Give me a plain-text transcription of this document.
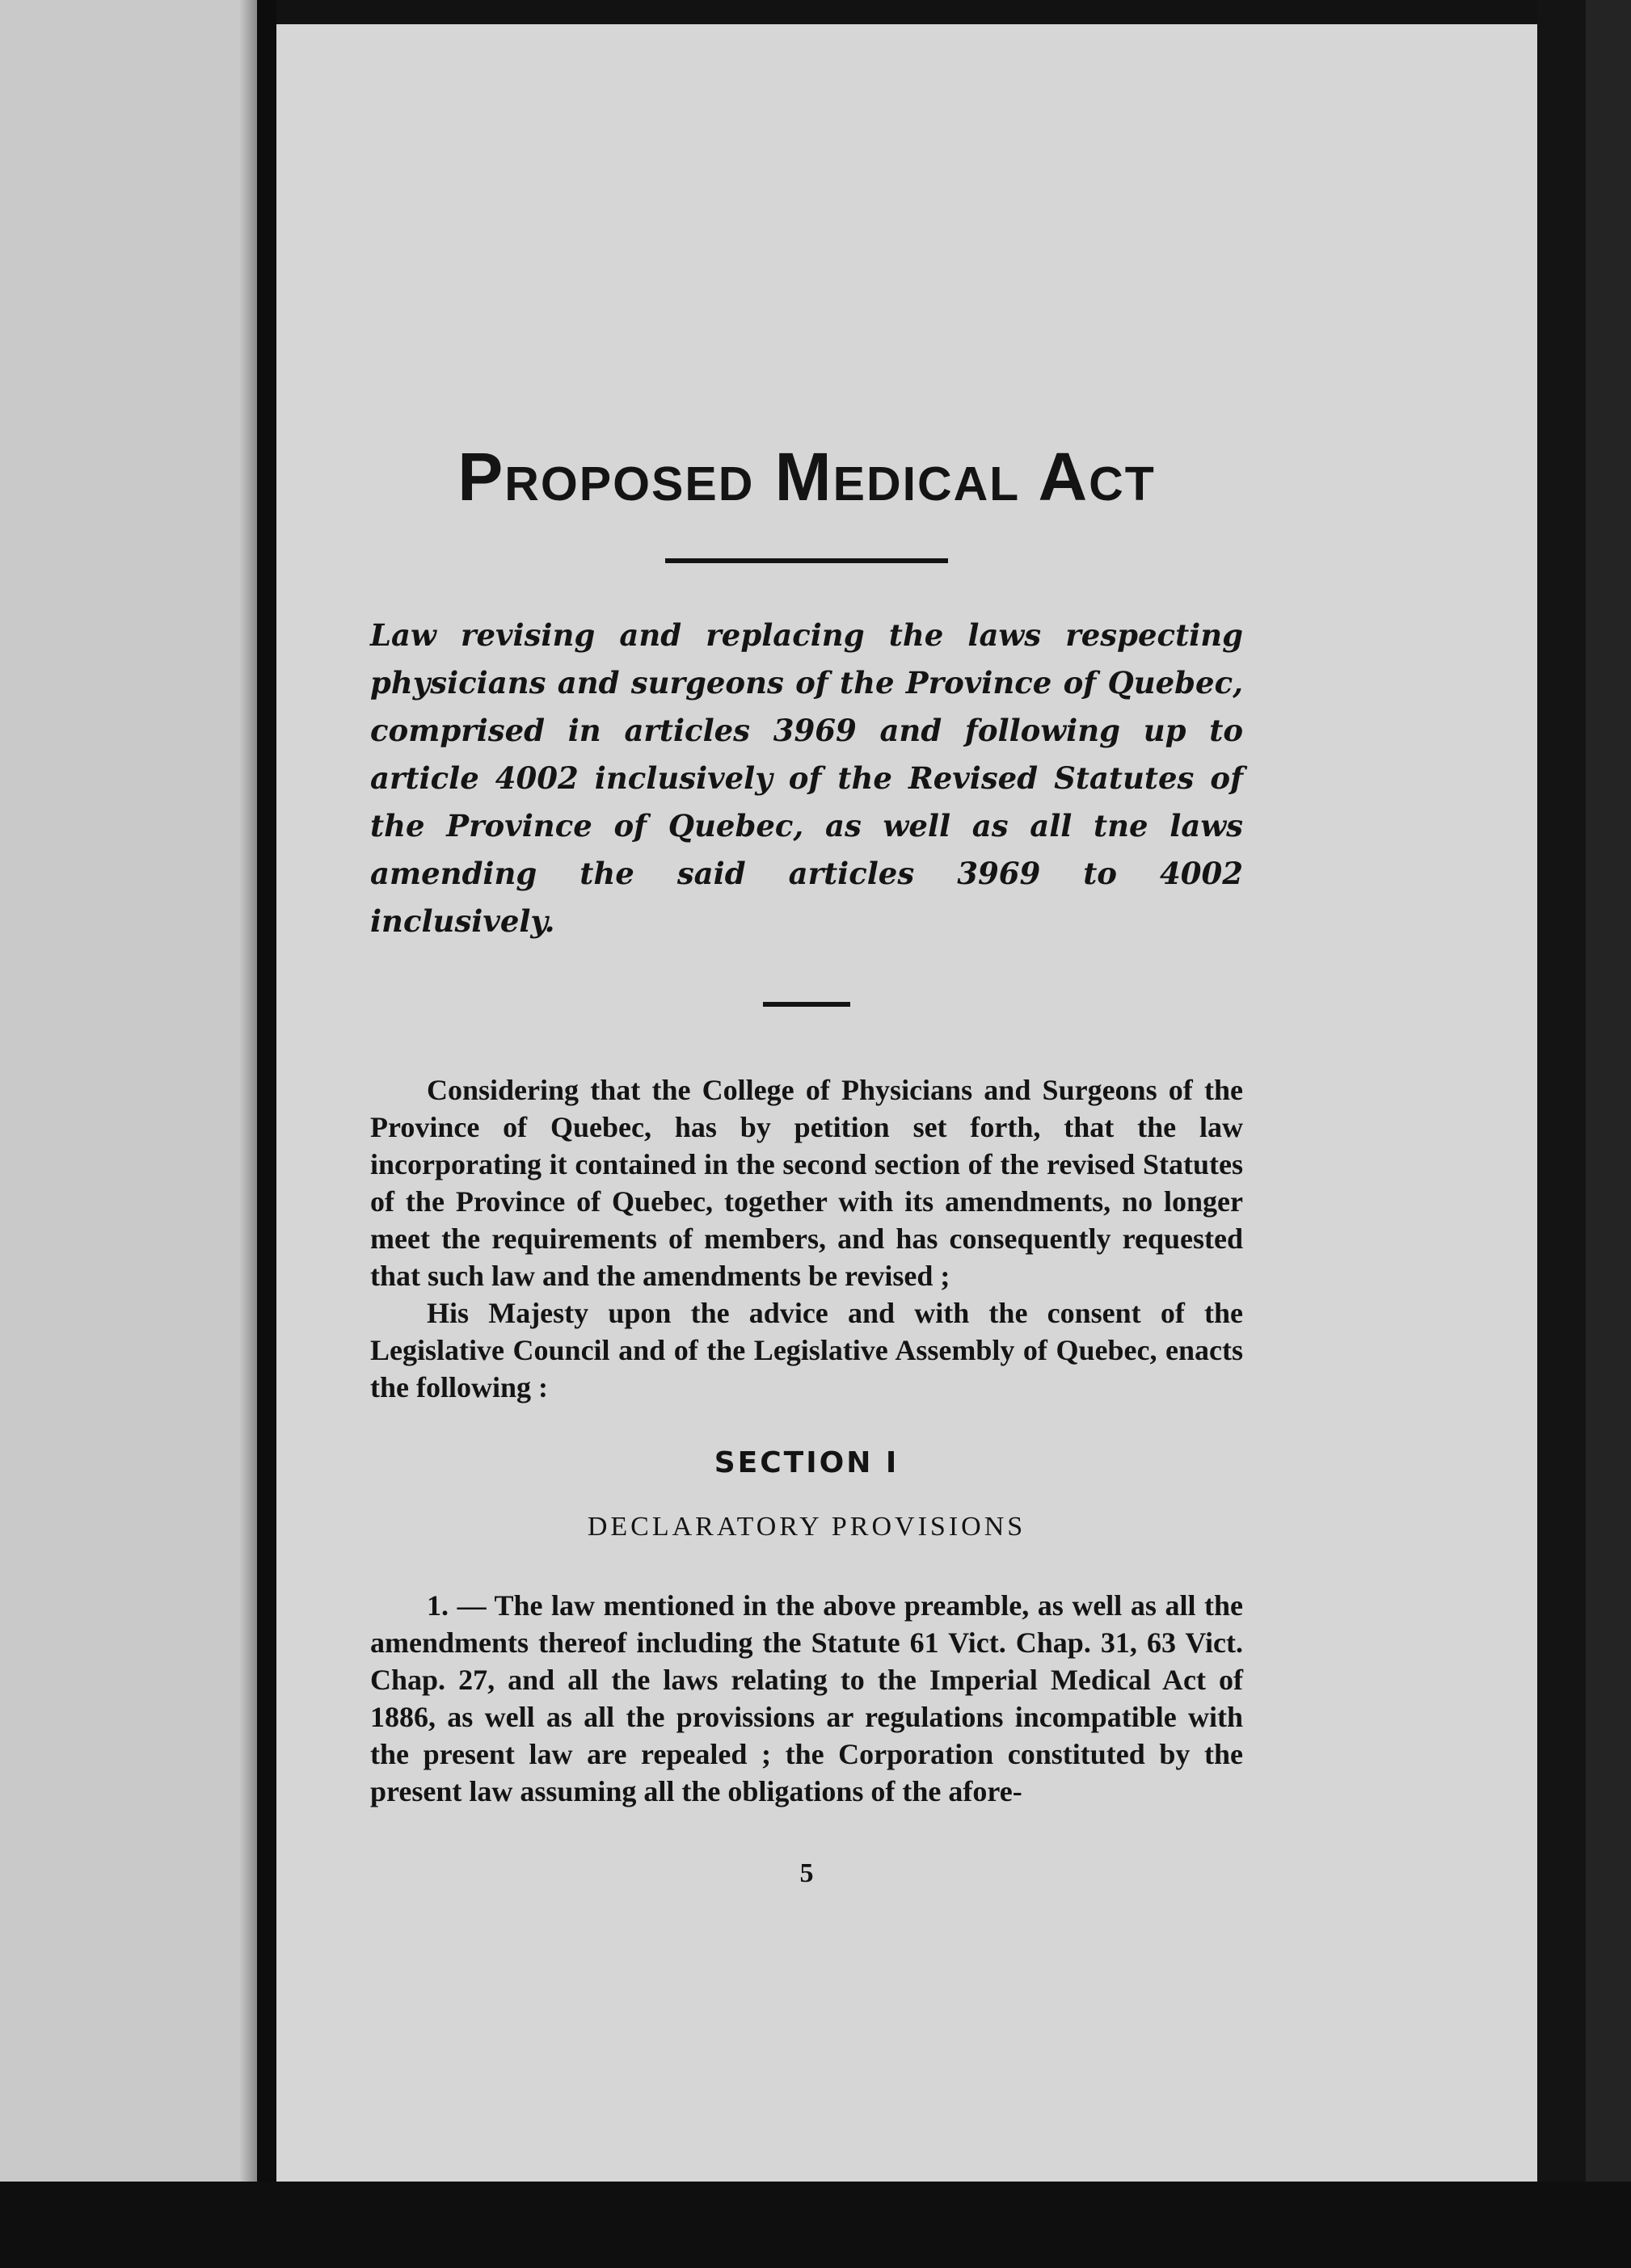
Proposed Medical Act

Law revising and replacing the laws respecting physicians and surgeons of the Province of Quebec, comprised in articles 3969 and following up to article 4002 inclusively of the Revised Statutes of the Province of Quebec, as well as all tne laws amending the said articles 3969 to 4002 inclusively.

Considering that the College of Physicians and Surgeons of the Province of Quebec, has by petition set forth, that the law incorporating it contained in the second section of the revised Statutes of the Province of Quebec, together with its amendments, no longer meet the requirements of members, and has consequently requested that such law and the amendments be revised ;

His Majesty upon the advice and with the consent of the Legislative Council and of the Legislative Assembly of Quebec, enacts the following :

SECTION I
DECLARATORY PROVISIONS

1. — The law mentioned in the above preamble, as well as all the amendments thereof including the Statute 61 Vict. Chap. 31, 63 Vict. Chap. 27, and all the laws relating to the Imperial Medical Act of 1886, as well as all the provissions ar regulations incompatible with the present law are repealed ; the Corporation constituted by the present law assuming all the obligations of the afore-

5
